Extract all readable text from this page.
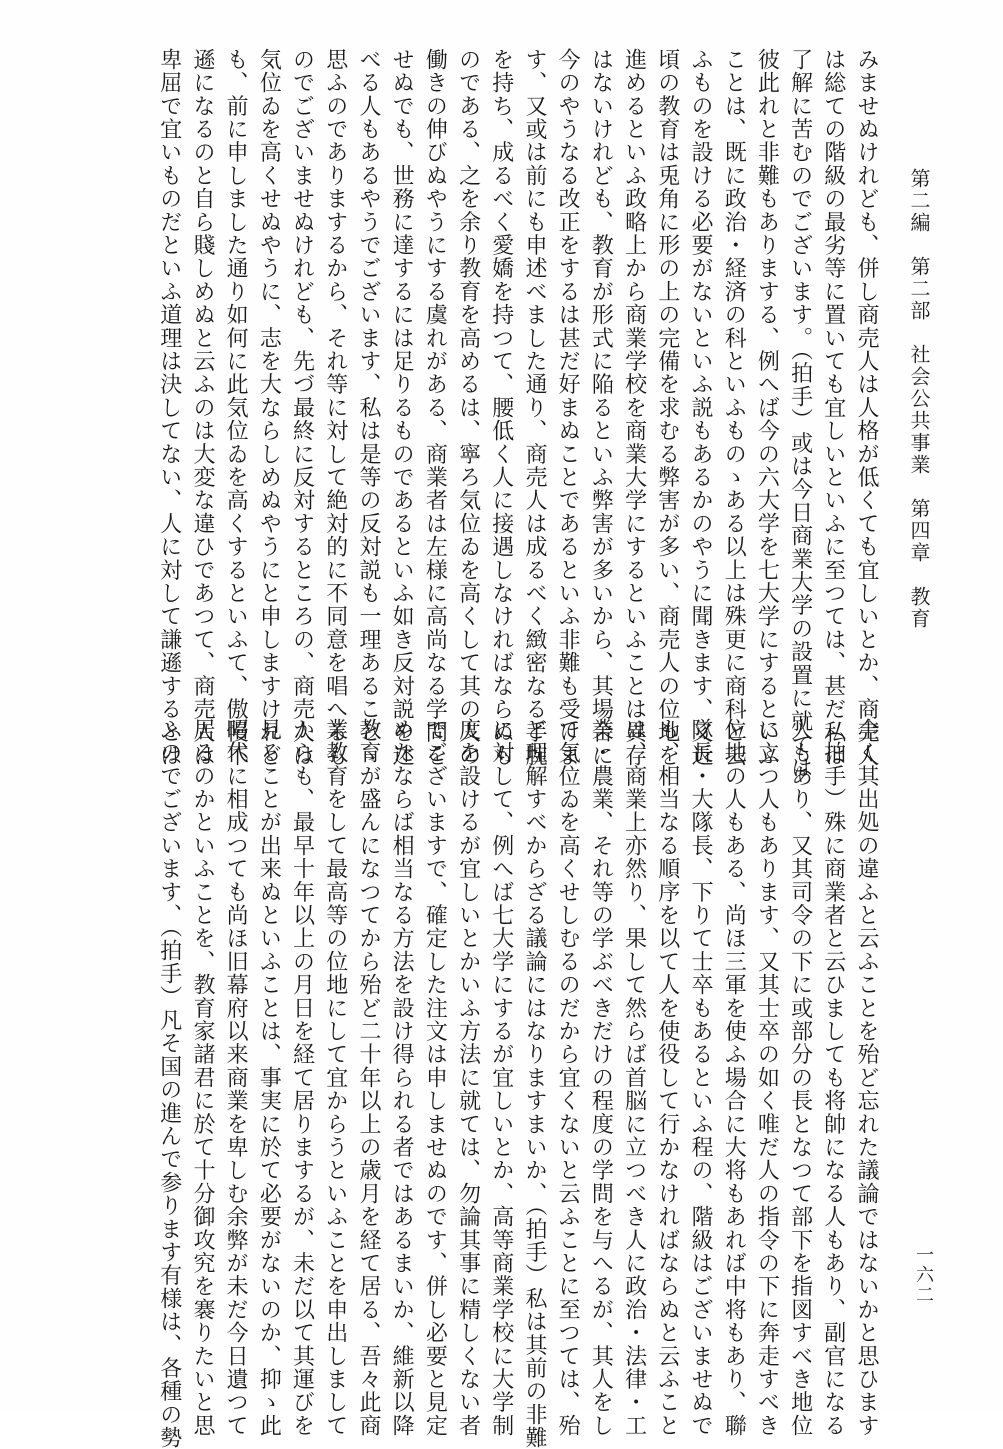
第二編　第二部　社会公共事業　第四章　教育
一六二

みませぬけれども、併し商売人は人格が低くても宜しいとか、商売人

は総ての階級の最劣等に置いても宜しいといふに至つては、甚だ私は

了解に苦むのでございます。（拍手）或は今日商業大学の設置に就ては

彼此れと非難もありまする、例へば今の六大学を七大学にするといふ

ことは、既に政治・経済の科といふものゝある以上は殊更に商科と云

ふものを設ける必要がないといふ説もあるかのやうに聞きます、又近

頃の教育は兎角に形の上の完備を求むる弊害が多い、商売人の位地を

進めるといふ政略上から商業学校を商業大学にするといふことは異存

はないけれども、教育が形式に陥るといふ弊害が多いから、其場合に

今のやうなる改正をするは甚だ好まぬことであるといふ非難も受けま

す、又或は前にも申述べました通り、商売人は成るべく緻密なる手腕

を持ち、成るべく愛嬌を持つて、腰低く人に接遇しなければならぬも

のである、之を余り教育を高めるは、寧ろ気位ゐを高くして其の人の

働きの伸びぬやうにする虞れがある、商業者は左様に高尚なる学問を

せぬでも、世務に達するには足りるものであるといふ如き反対説を述

べる人もあるやうでございます、私は是等の反対説も一理あることゝ

思ふのでありまするから、それ等に対して絶対的に不同意を唱へるも

のでございませぬけれども、先づ最終に反対するところの、商売人は

気位ゐを高くせぬやうに、志を大ならしめぬやうにと申しますけれど

も、前に申しました通り如何に此気位ゐを高くするといふて、傲慢不

遜になるのと自ら賤しめぬと云ふのは大変な違ひであつて、商売人は

卑屈で宜いものだといふ道理は決してない、人に対して謙遜するとは

全く其出処の違ふと云ふことを殆ど忘れた議論ではないかと思ひます

（拍手）殊に商業者と云ひましても将帥になる人もあり、副官になる

人もあり、又其司令の下に或部分の長となつて部下を指図すべき地位

に立つ人もあります、又其士卒の如く唯だ人の指令の下に奔走すべき

位地の人もある、尚ほ三軍を使ふ場合に大将もあれば中将もあり、聯

隊長・大隊長、下りて士卒もあるといふ程の、階級はございませぬで

も、相当なる順序を以て人を使役して行かなければならぬと云ふこと

は、商業上亦然り、果して然らば首脳に立つべき人に政治・法律・工

業・農業、それ等の学ぶべきだけの程度の学問を与へるが、其人をし

て気位ゐを高くせしむるのだから宜くないと云ふことに至つては、殆

ど理解すべからざる議論にはなりますまいか、（拍手）私は其前の非難

に対して、例へば七大学にするが宜しいとか、高等商業学校に大学制

度を設けるが宜しいとかいふ方法に就ては、勿論其事に精しくない者

でございますで、確定した注文は申しませぬのです、併し必要と見定

めたならば相当なる方法を設け得られる者ではあるまいか、維新以降

教育が盛んになつてから殆ど二十年以上の歳月を経て居る、吾々此商

業教育をして最高等の位地にして宜からうといふことを申出しまして

からも、最早十年以上の月日を経て居りまするが、未だ以て其運びを

見ることが出来ぬといふことは、事実に於て必要がないのか、抑ゝ此

昭代に相成つても尚ほ旧幕府以来商業を卑しむ余弊が未だ今日遺つて

居るのかといふことを、教育家諸君に於て十分御攻究を褰りたいと思

ふのでございます、（拍手）凡そ国の進んで参ります有様は、各種の勢
